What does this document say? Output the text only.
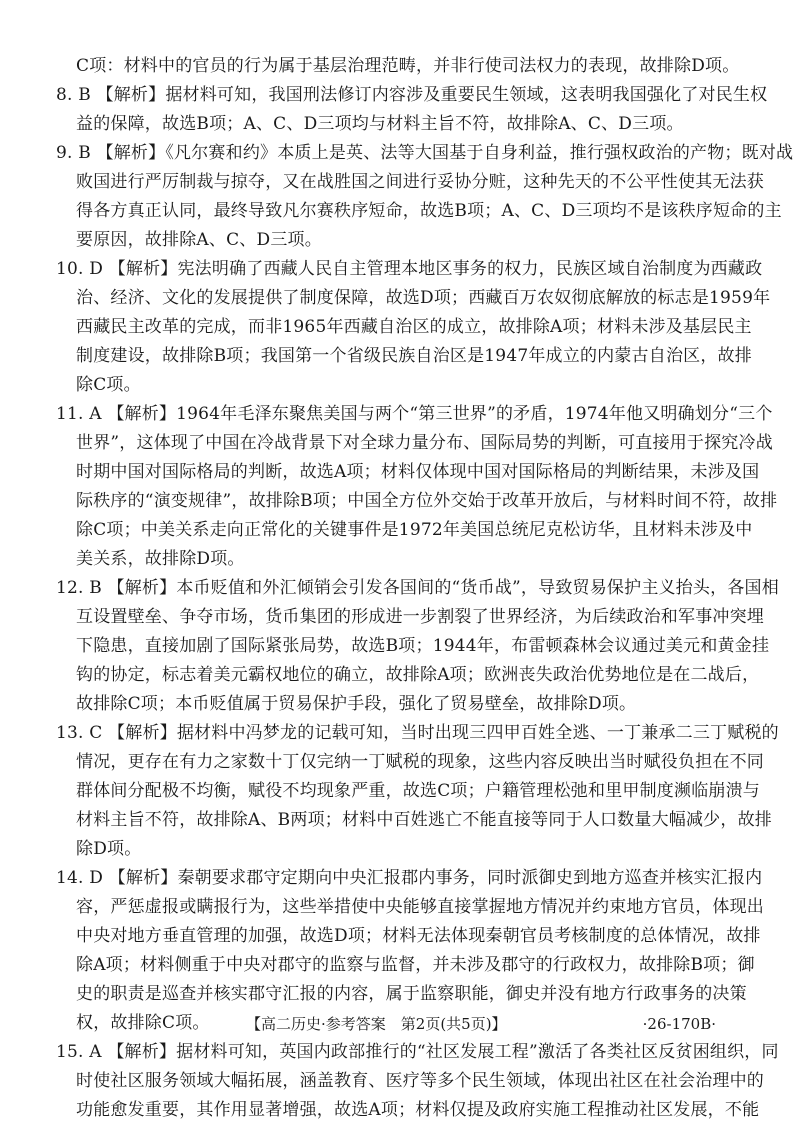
C项：材料中的官员的行为属于基层治理范畴，并非行使司法权力的表现，故排除D项。
8. B 【解析】据材料可知，我国刑法修订内容涉及重要民生领域，这表明我国强化了对民生权
益的保障，故选B项；A、C、D三项均与材料主旨不符，故排除A、C、D三项。
9. B 【解析】《凡尔赛和约》本质上是英、法等大国基于自身利益，推行强权政治的产物；既对战
败国进行严厉制裁与掠夺，又在战胜国之间进行妥协分赃，这种先天的不公平性使其无法获
得各方真正认同，最终导致凡尔赛秩序短命，故选B项；A、C、D三项均不是该秩序短命的主
要原因，故排除A、C、D三项。
10. D 【解析】宪法明确了西藏人民自主管理本地区事务的权力，民族区域自治制度为西藏政
治、经济、文化的发展提供了制度保障，故选D项；西藏百万农奴彻底解放的标志是1959年
西藏民主改革的完成，而非1965年西藏自治区的成立，故排除A项；材料未涉及基层民主
制度建设，故排除B项；我国第一个省级民族自治区是1947年成立的内蒙古自治区，故排
除C项。
11. A 【解析】1964年毛泽东聚焦美国与两个“第三世界”的矛盾，1974年他又明确划分“三个
世界”，这体现了中国在冷战背景下对全球力量分布、国际局势的判断，可直接用于探究冷战
时期中国对国际格局的判断，故选A项；材料仅体现中国对国际格局的判断结果，未涉及国
际秩序的“演变规律”，故排除B项；中国全方位外交始于改革开放后，与材料时间不符，故排
除C项；中美关系走向正常化的关键事件是1972年美国总统尼克松访华，且材料未涉及中
美关系，故排除D项。
12. B 【解析】本币贬值和外汇倾销会引发各国间的“货币战”，导致贸易保护主义抬头，各国相
互设置壁垒、争夺市场，货币集团的形成进一步割裂了世界经济，为后续政治和军事冲突埋
下隐患，直接加剧了国际紧张局势，故选B项；1944年，布雷顿森林会议通过美元和黄金挂
钩的协定，标志着美元霸权地位的确立，故排除A项；欧洲丧失政治优势地位是在二战后，
故排除C项；本币贬值属于贸易保护手段，强化了贸易壁垒，故排除D项。
13. C 【解析】据材料中冯梦龙的记载可知，当时出现三四甲百姓全逃、一丁兼承二三丁赋税的
情况，更存在有力之家数十丁仅完纳一丁赋税的现象，这些内容反映出当时赋役负担在不同
群体间分配极不均衡，赋役不均现象严重，故选C项；户籍管理松弛和里甲制度濒临崩溃与
材料主旨不符，故排除A、B两项；材料中百姓逃亡不能直接等同于人口数量大幅减少，故排
除D项。
14. D 【解析】秦朝要求郡守定期向中央汇报郡内事务，同时派御史到地方巡查并核实汇报内
容，严惩虚报或瞒报行为，这些举措使中央能够直接掌握地方情况并约束地方官员，体现出
中央对地方垂直管理的加强，故选D项；材料无法体现秦朝官员考核制度的总体情况，故排
除A项；材料侧重于中央对郡守的监察与监督，并未涉及郡守的行政权力，故排除B项；御
史的职责是巡查并核实郡守汇报的内容，属于监察职能，御史并没有地方行政事务的决策
权，故排除C项。
15. A 【解析】据材料可知，英国内政部推行的“社区发展工程”激活了各类社区反贫困组织，同
时使社区服务领域大幅拓展，涵盖教育、医疗等多个民生领域，体现出社区在社会治理中的
功能愈发重要，其作用显著增强，故选A项；材料仅提及政府实施工程推动社区发展，不能
【高二历史·参考答案　第2页(共5页)】	·26-170B·
